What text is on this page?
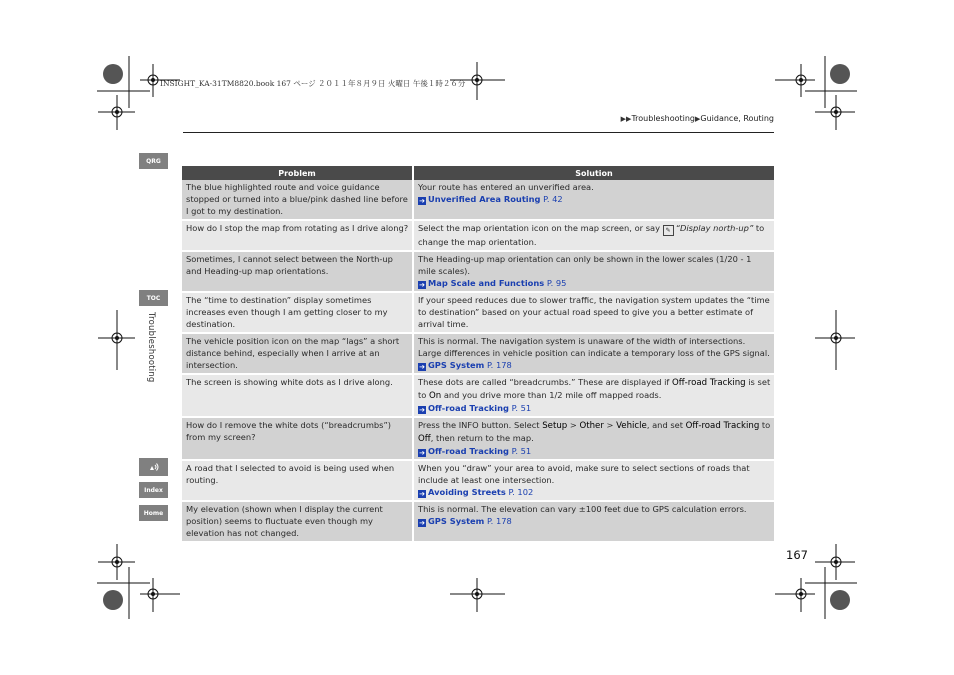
INSIGHT_KA-31TM8820.book 167 ページ ２０１１年８月９日 火曜日 午後１時２６分
▶▶Troubleshooting▶Guidance, Routing
QRG
TOC
Index
Home
Troubleshooting
Problem	Solution
The blue highlighted route and voice guidance stopped or turned into a blue/pink dashed line before I got to my destination.	Your route has entered an unverified area.
➔ Unverified Area Routing P. 42
How do I stop the map from rotating as I drive along?	Select the map orientation icon on the map screen, or say ✎ “Display north-up” to change the map orientation.
Sometimes, I cannot select between the North-up and Heading-up map orientations.	The Heading-up map orientation can only be shown in the lower scales (1/20 - 1 mile scales).
➔ Map Scale and Functions P. 95
The “time to destination” display sometimes increases even though I am getting closer to my destination.	If your speed reduces due to slower traffic, the navigation system updates the “time to destination” based on your actual road speed to give you a better estimate of arrival time.
The vehicle position icon on the map “lags” a short distance behind, especially when I arrive at an intersection.	This is normal. The navigation system is unaware of the width of intersections. Large differences in vehicle position can indicate a temporary loss of the GPS signal.
➔ GPS System P. 178
The screen is showing white dots as I drive along.	These dots are called “breadcrumbs.” These are displayed if Off-road Tracking is set to On and you drive more than 1/2 mile off mapped roads.
➔ Off-road Tracking P. 51
How do I remove the white dots (“breadcrumbs”) from my screen?	Press the INFO button. Select Setup > Other > Vehicle, and set Off-road Tracking to Off, then return to the map.
➔ Off-road Tracking P. 51
A road that I selected to avoid is being used when routing.	When you “draw” your area to avoid, make sure to select sections of roads that include at least one intersection.
➔ Avoiding Streets P. 102
My elevation (shown when I display the current position) seems to fluctuate even though my elevation has not changed.	This is normal. The elevation can vary ±100 feet due to GPS calculation errors.
➔ GPS System P. 178
167
